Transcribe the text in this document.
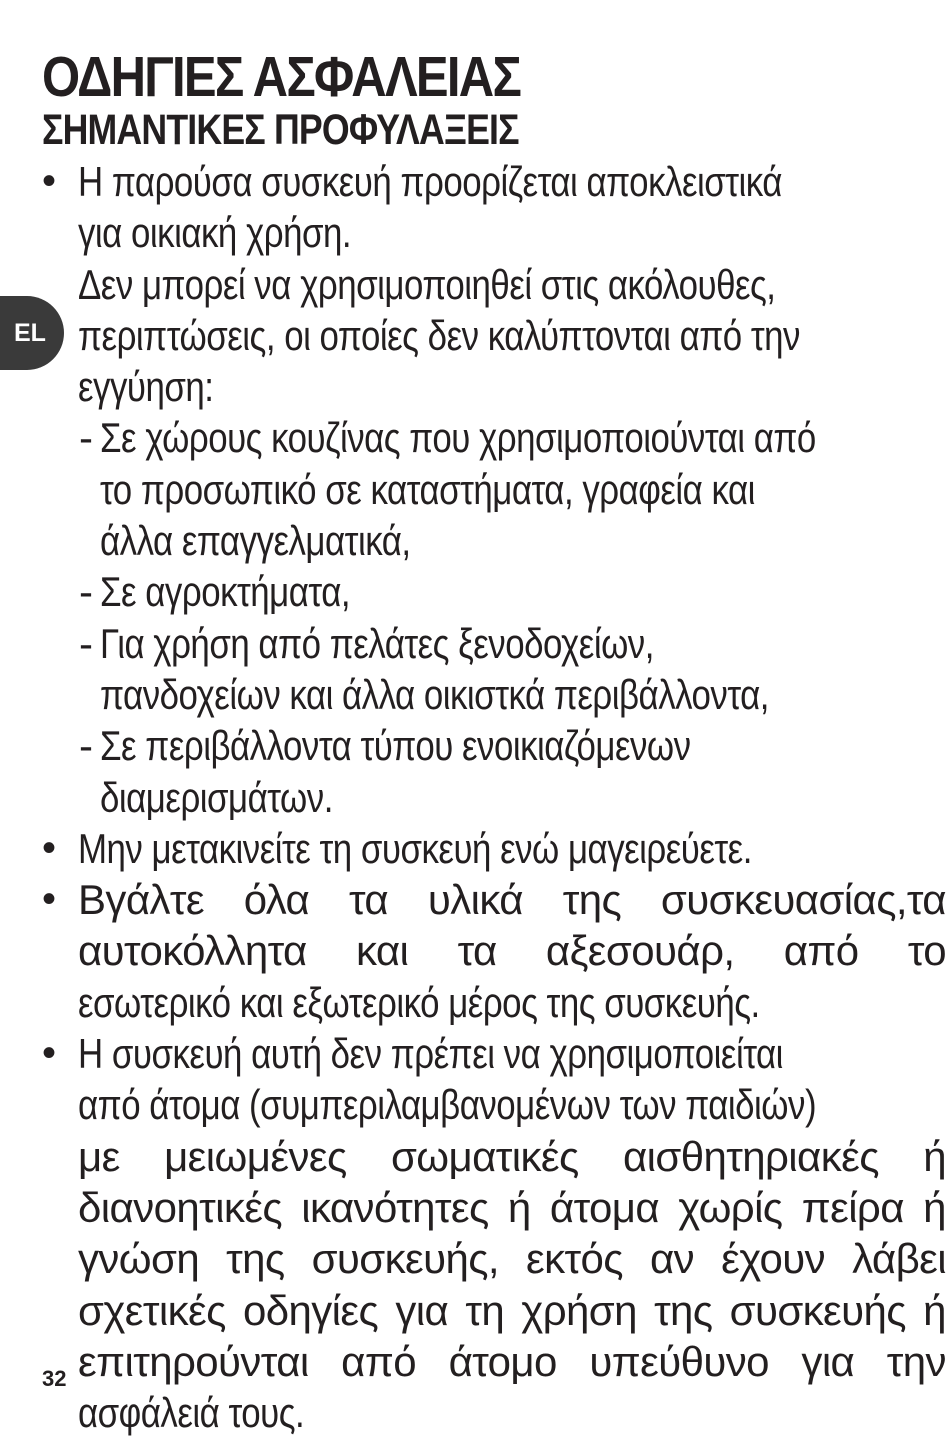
ΟΔΗΓΙΕΣ ΑΣΦΑΛΕΙΑΣ
ΣΗΜΑΝΤΙΚΕΣ ΠΡΟΦΥΛΑΞΕΙΣ
EL
• Η παρούσα συσκευή προορίζεται αποκλειστικά
για οικιακή χρήση.
Δεν μπορεί να χρησιμοποιηθεί στις ακόλουθες,
περιπτώσεις, οι οποίες δεν καλύπτονται από την
εγγύηση:
- Σε χώρους κουζίνας που χρησιμοποιούνται από
το προσωπικό σε καταστήματα, γραφεία και
άλλα επαγγελματικά,
- Σε αγροκτήματα,
- Για χρήση από πελάτες ξενοδοχείων,
πανδοχείων και άλλα οικιστκά περιβάλλοντα,
- Σε περιβάλλοντα τύπου ενοικιαζόμενων
διαμερισμάτων.
• Μην μετακινείτε τη συσκευή ενώ μαγειρεύετε.
• Βγάλτε όλα τα υλικά της συσκευασίας,τα
αυτοκόλλητα και τα αξεσουάρ, από το
εσωτερικό και εξωτερικό μέρος της συσκευής.
• Η συσκευή αυτή δεν πρέπει να χρησιμοποιείται
από άτομα (συμπεριλαμβανομένων των παιδιών)
με μειωμένες σωματικές αισθητηριακές ή
διανοητικές ικανότητες ή άτομα χωρίς πείρα ή
γνώση της συσκευής, εκτός αν έχουν λάβει
σχετικές οδηγίες για τη χρήση της συσκευής ή
επιτηρούνται από άτομο υπεύθυνο για την
ασφάλειά τους.
32
